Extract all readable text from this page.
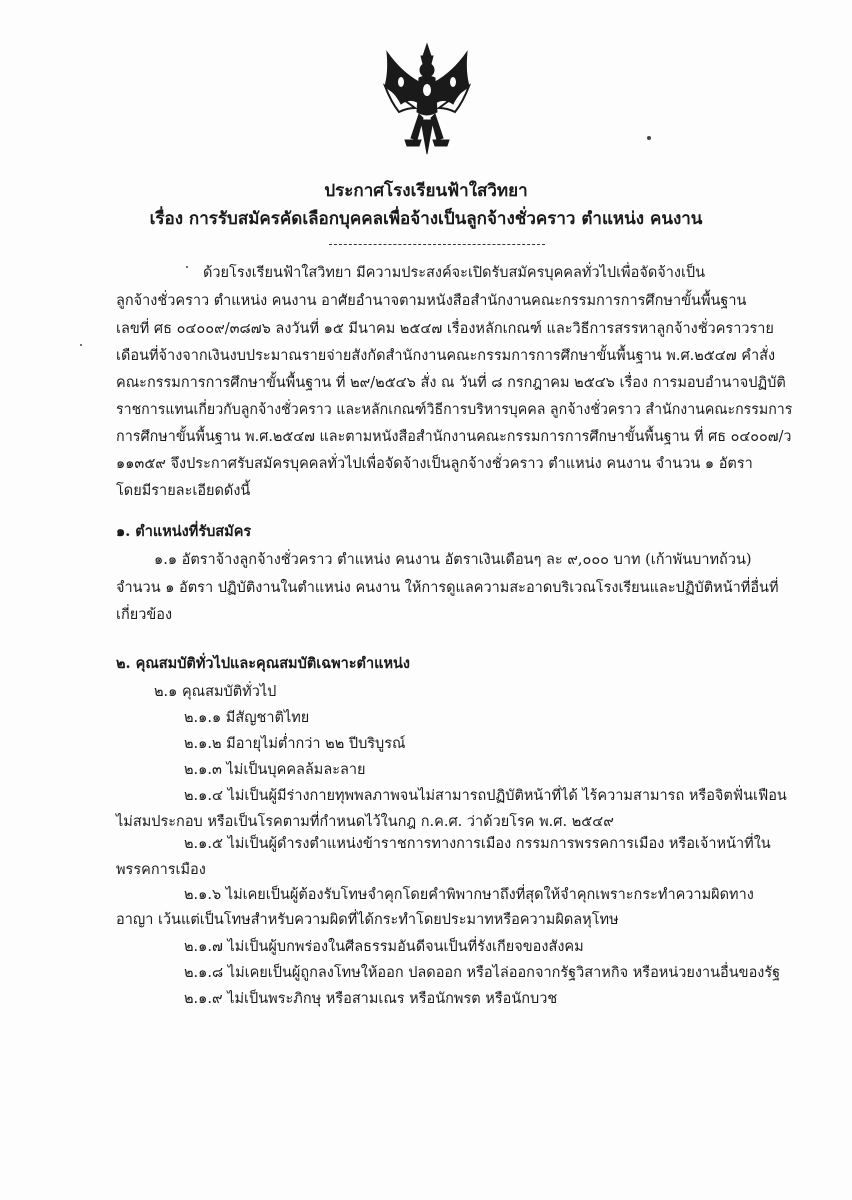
ประกาศโรงเรียนฟ้าใสวิทยา
เรื่อง การรับสมัครคัดเลือกบุคคลเพื่อจ้างเป็นลูกจ้างชั่วคราว ตำแหน่ง คนงาน
ด้วยโรงเรียนฟ้าใสวิทยา มีความประสงค์จะเปิดรับสมัครบุคคลทั่วไปเพื่อจัดจ้างเป็น
ลูกจ้างชั่วคราว ตำแหน่ง คนงาน อาศัยอำนาจตามหนังสือสำนักงานคณะกรรมการการศึกษาขั้นพื้นฐาน
เลขที่ ศธ ๐๔๐๐๙/๓๘๗๖ ลงวันที่ ๑๕ มีนาคม ๒๕๔๗ เรื่องหลักเกณฑ์ และวิธีการสรรหาลูกจ้างชั่วคราวราย
เดือนที่จ้างจากเงินงบประมาณรายจ่ายสังกัดสำนักงานคณะกรรมการการศึกษาขั้นพื้นฐาน พ.ศ.๒๕๔๗ คำสั่ง
คณะกรรมการการศึกษาขั้นพื้นฐาน ที่ ๒๙/๒๕๔๖ สั่ง ณ วันที่ ๘ กรกฎาคม ๒๕๔๖ เรื่อง การมอบอำนาจปฏิบัติ
ราชการแทนเกี่ยวกับลูกจ้างชั่วคราว และหลักเกณฑ์วิธีการบริหารบุคคล ลูกจ้างชั่วคราว สำนักงานคณะกรรมการ
การศึกษาขั้นพื้นฐาน พ.ศ.๒๕๔๗ และตามหนังสือสำนักงานคณะกรรมการการศึกษาขั้นพื้นฐาน ที่ ศธ ๐๔๐๐๗/ว
๑๑๓๕๙ จึงประกาศรับสมัครบุคคลทั่วไปเพื่อจัดจ้างเป็นลูกจ้างชั่วคราว ตำแหน่ง คนงาน จำนวน ๑ อัตรา
โดยมีรายละเอียดดังนี้
๑. ตำแหน่งที่รับสมัคร
๑.๑ อัตราจ้างลูกจ้างชั่วคราว ตำแหน่ง คนงาน อัตราเงินเดือนๆ ละ ๙,๐๐๐ บาท (เก้าพันบาทถ้วน)
จำนวน ๑ อัตรา ปฏิบัติงานในตำแหน่ง คนงาน ให้การดูแลความสะอาดบริเวณโรงเรียนและปฏิบัติหน้าที่อื่นที่
เกี่ยวข้อง
๒. คุณสมบัติทั่วไปและคุณสมบัติเฉพาะตำแหน่ง
๒.๑ คุณสมบัติทั่วไป
๒.๑.๑ มีสัญชาติไทย
๒.๑.๒ มีอายุไม่ต่ำกว่า ๒๒ ปีบริบูรณ์
๒.๑.๓ ไม่เป็นบุคคลล้มละลาย
๒.๑.๔ ไม่เป็นผู้มีร่างกายทุพพลภาพจนไม่สามารถปฏิบัติหน้าที่ได้ ไร้ความสามารถ หรือจิตฟั่นเฟือน
ไม่สมประกอบ หรือเป็นโรคตามที่กำหนดไว้ในกฎ ก.ค.ศ. ว่าด้วยโรค พ.ศ. ๒๕๔๙
๒.๑.๕ ไม่เป็นผู้ดำรงตำแหน่งข้าราชการทางการเมือง กรรมการพรรคการเมือง หรือเจ้าหน้าที่ใน
พรรคการเมือง
๒.๑.๖ ไม่เคยเป็นผู้ต้องรับโทษจำคุกโดยคำพิพากษาถึงที่สุดให้จำคุกเพราะกระทำความผิดทาง
อาญา เว้นแต่เป็นโทษสำหรับความผิดที่ได้กระทำโดยประมาทหรือความผิดลหุโทษ
๒.๑.๗ ไม่เป็นผู้บกพร่องในศีลธรรมอันดีจนเป็นที่รังเกียจของสังคม
๒.๑.๘ ไม่เคยเป็นผู้ถูกลงโทษให้ออก ปลดออก หรือไล่ออกจากรัฐวิสาหกิจ หรือหน่วยงานอื่นของรัฐ
๒.๑.๙ ไม่เป็นพระภิกษุ หรือสามเณร หรือนักพรต หรือนักบวช
